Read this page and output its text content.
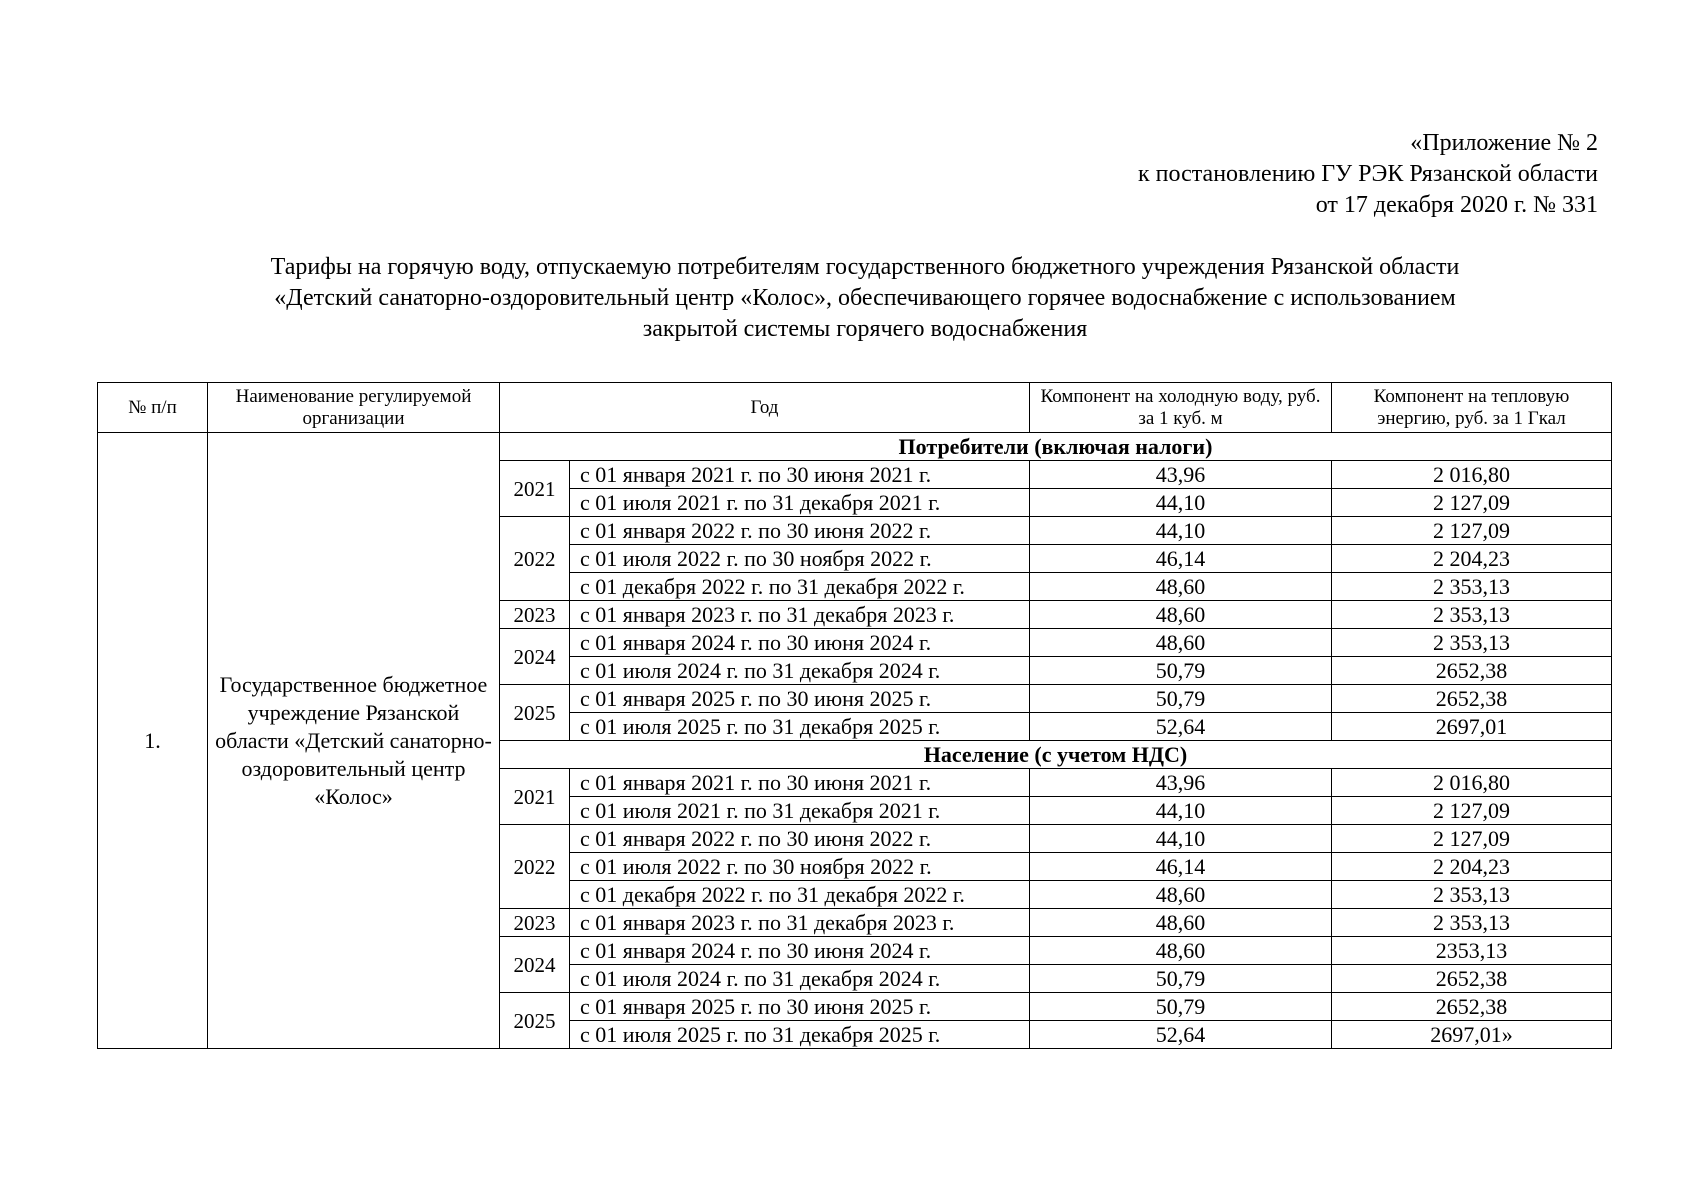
«Приложение № 2
к постановлению ГУ РЭК Рязанской области
от 17 декабря 2020 г. № 331
Тарифы на горячую воду, отпускаемую потребителям государственного бюджетного учреждения Рязанской области
«Детский санаторно-оздоровительный центр «Колос», обеспечивающего горячее водоснабжение с использованием
закрытой системы горячего водоснабжения
№ п/п	Наименование регулируемой организации	Год		Компонент на холодную воду, руб. за 1 куб. м	Компонент на тепловую энергию, руб. за 1 Гкал
1.	Государственное бюджетное учреждение Рязанской области «Детский санаторно-оздоровительный центр «Колос»	Потребители (включая налоги)			
		2021	с 01 января 2021 г. по 30 июня 2021 г.	43,96	2 016,80
			с 01 июля 2021 г. по 31 декабря 2021 г.	44,10	2 127,09
		2022	с 01 января 2022 г. по 30 июня 2022 г.	44,10	2 127,09
			с 01 июля 2022 г. по 30 ноября 2022 г.	46,14	2 204,23
			с 01 декабря 2022 г. по 31 декабря 2022 г.	48,60	2 353,13
		2023	с 01 января 2023 г. по 31 декабря 2023 г.	48,60	2 353,13
		2024	с 01 января 2024 г. по 30 июня 2024 г.	48,60	2 353,13
			с 01 июля 2024 г. по 31 декабря 2024 г.	50,79	2652,38
		2025	с 01 января 2025 г. по 30 июня 2025 г.	50,79	2652,38
			с 01 июля 2025 г. по 31 декабря 2025 г.	52,64	2697,01
		Население (с учетом НДС)			
		2021	с 01 января 2021 г. по 30 июня 2021 г.	43,96	2 016,80
			с 01 июля 2021 г. по 31 декабря 2021 г.	44,10	2 127,09
		2022	с 01 января 2022 г. по 30 июня 2022 г.	44,10	2 127,09
			с 01 июля 2022 г. по 30 ноября 2022 г.	46,14	2 204,23
			с 01 декабря 2022 г. по 31 декабря 2022 г.	48,60	2 353,13
		2023	с 01 января 2023 г. по 31 декабря 2023 г.	48,60	2 353,13
		2024	с 01 января 2024 г. по 30 июня 2024 г.	48,60	2353,13
			с 01 июля 2024 г. по 31 декабря 2024 г.	50,79	2652,38
		2025	с 01 января 2025 г. по 30 июня 2025 г.	50,79	2652,38
			с 01 июля 2025 г. по 31 декабря 2025 г.	52,64	2697,01»
